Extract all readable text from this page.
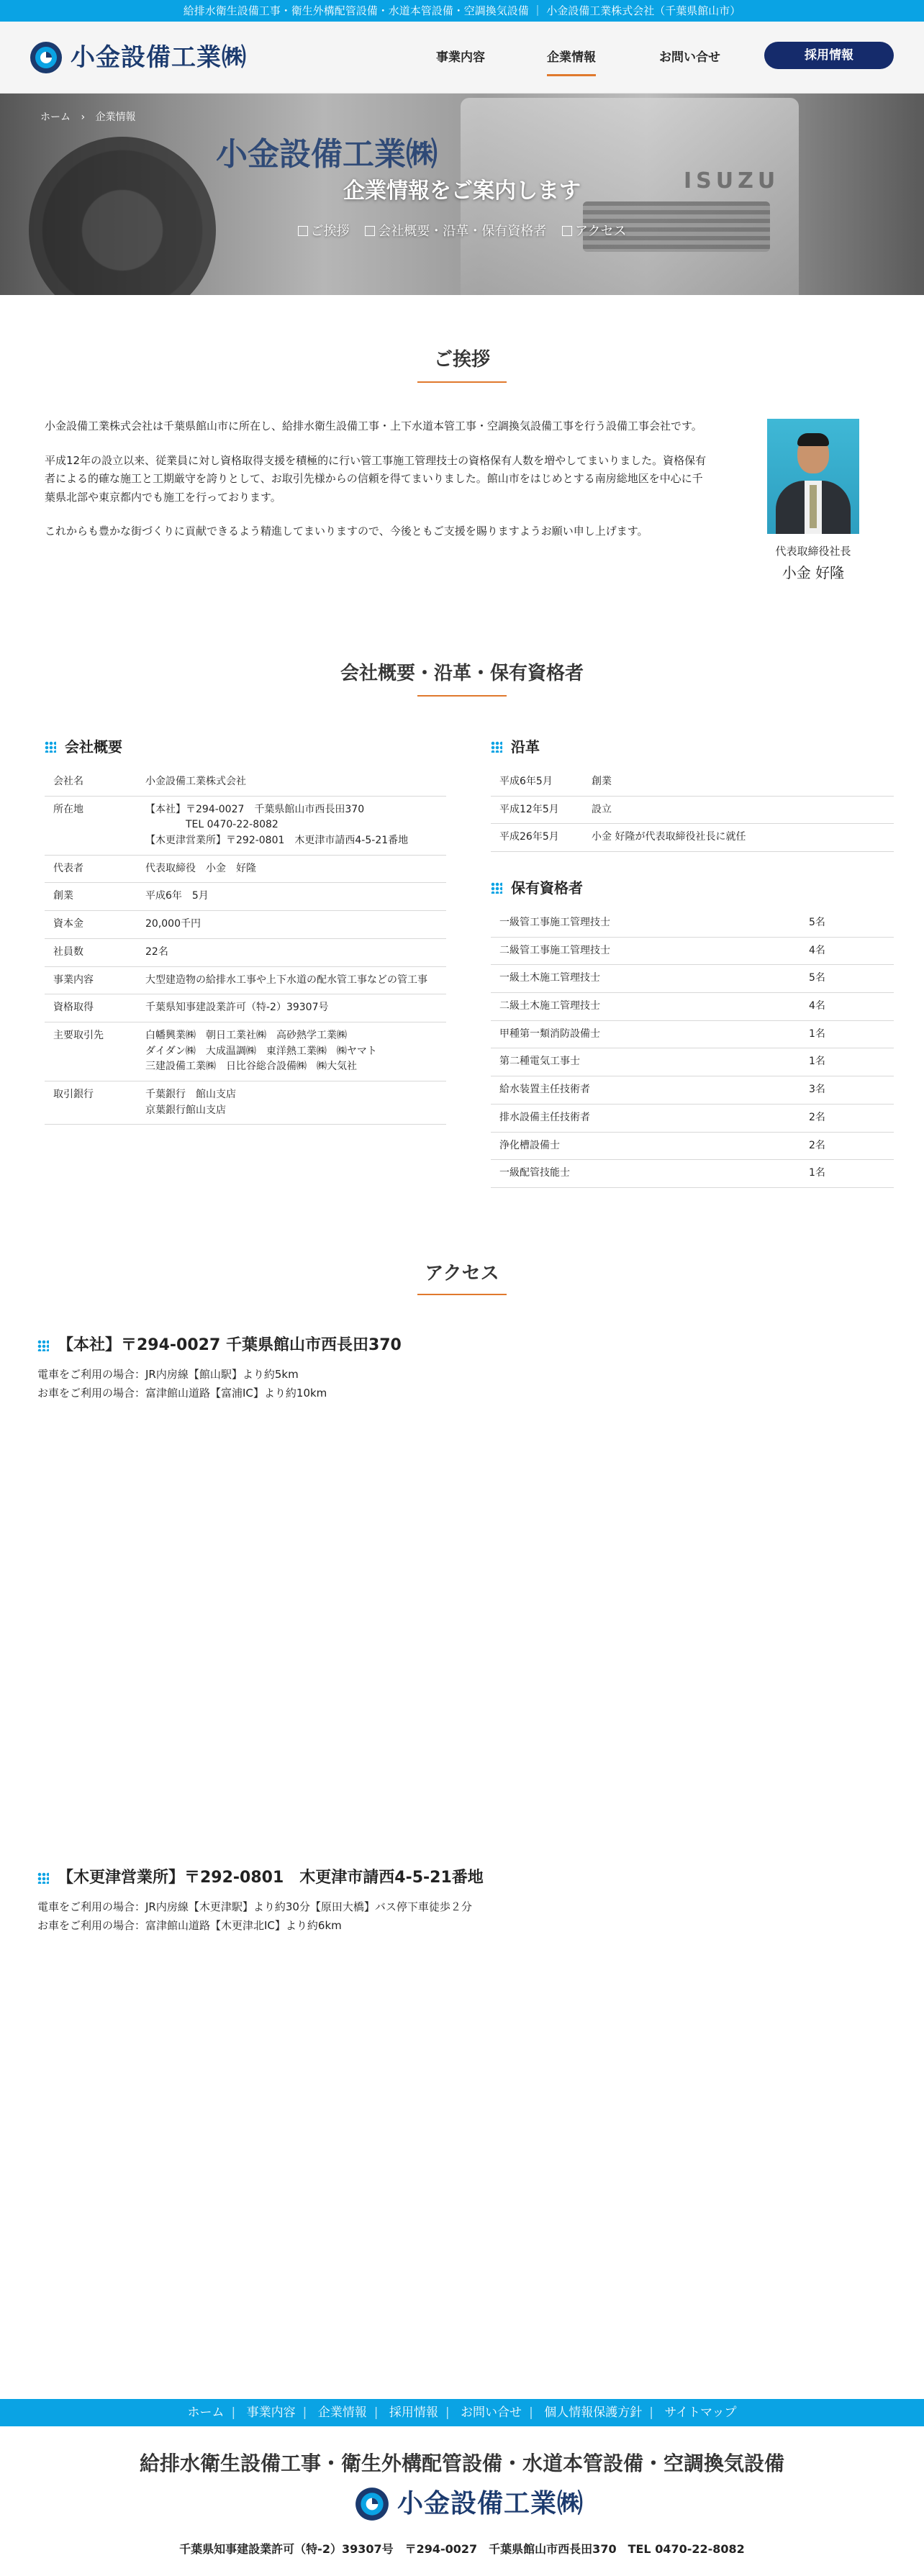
給排水衛生設備工事・衛生外構配管設備・水道本管設備・空調換気設備 ｜ 小金設備工業株式会社（千葉県館山市）
小金設備工業㈱	事業内容	企業情報	お問い合せ	採用情報
小金設備工業㈱
ISUZU
ホーム › 企業情報
企業情報をご案内します
ご挨拶 会社概要・沿革・保有資格者 アクセス
ご挨拶

小金設備工業株式会社は千葉県館山市に所在し、給排水衛生設備工事・上下水道本管工事・空調換気設備工事を行う設備工事会社です。

平成12年の設立以来、従業員に対し資格取得支援を積極的に行い管工事施工管理技士の資格保有人数を増やしてまいりました。資格保有者による的確な施工と工期厳守を誇りとして、お取引先様からの信頼を得てまいりました。館山市をはじめとする南房総地区を中心に千葉県北部や東京都内でも施工を行っております。

これからも豊かな街づくりに貢献できるよう精進してまいりますので、今後ともご支援を賜りますようお願い申し上げます。

代表取締役社長
小金 好隆
会社概要・沿革・保有資格者
会社概要
会社名	小金設備工業株式会社
所在地	【本社】〒294-0027　千葉県館山市西長田370
　　　　TEL 0470-22-8082
【木更津営業所】〒292-0801　木更津市請西4-5-21番地
代表者	代表取締役　小金　好隆
創業	平成6年　5月
資本金	20,000千円
社員数	22名
事業内容	大型建造物の給排水工事や上下水道の配水管工事などの管工事
資格取得	千葉県知事建設業許可（特-2）39307号
主要取引先	白幡興業㈱　朝日工業社㈱　高砂熱学工業㈱
ダイダン㈱　大成温調㈱　東洋熱工業㈱　㈱ヤマト
三建設備工業㈱　日比谷総合設備㈱　㈱大気社
取引銀行	千葉銀行　館山支店
京葉銀行館山支店
沿革
平成6年5月	創業
平成12年5月	設立
平成26年5月	小金 好隆が代表取締役社長に就任
保有資格者
一級管工事施工管理技士	5名
二級管工事施工管理技士	4名
一級土木施工管理技士	5名
二級土木施工管理技士	4名
甲種第一類消防設備士	1名
第二種電気工事士	1名
給水装置主任技術者	3名
排水設備主任技術者	2名
浄化槽設備士	2名
一級配管技能士	1名
アクセス
【本社】〒294-0027 千葉県館山市西長田370
電車をご利用の場合：JR内房線【館山駅】より約5km
お車をご利用の場合：富津館山道路【富浦IC】より約10km
【木更津営業所】〒292-0801　木更津市請西4-5-21番地
電車をご利用の場合：JR内房線【木更津駅】より約30分【原田大橋】バス停下車徒歩２分
お車をご利用の場合：富津館山道路【木更津北IC】より約6km
ホーム | 事業内容 | 企業情報 | 採用情報 | お問い合せ | 個人情報保護方針 | サイトマップ
給排水衛生設備工事・衛生外構配管設備・水道本管設備・空調換気設備
小金設備工業㈱
千葉県知事建設業許可（特-2）39307号　〒294-0027　千葉県館山市西長田370　TEL 0470-22-8082
